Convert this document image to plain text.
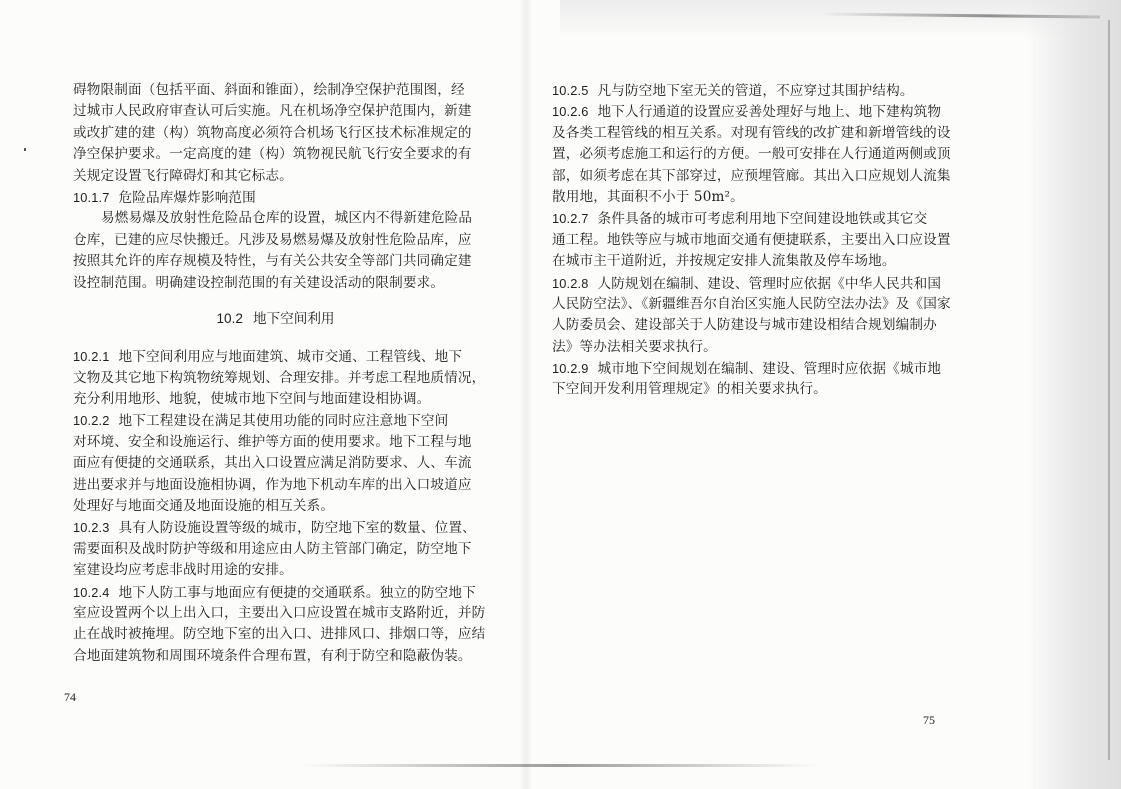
碍物限制面（包括平面、斜面和锥面），绘制净空保护范围图，经
过城市人民政府审查认可后实施。凡在机场净空保护范围内，新建
或改扩建的建（构）筑物高度必须符合机场飞行区技术标准规定的
净空保护要求。一定高度的建（构）筑物视民航飞行安全要求的有
关规定设置飞行障碍灯和其它标志。
10.1.7 危险品库爆炸影响范围
易燃易爆及放射性危险品仓库的设置，城区内不得新建危险品
仓库，已建的应尽快搬迁。凡涉及易燃易爆及放射性危险品库，应
按照其允许的库存规模及特性，与有关公共安全等部门共同确定建
设控制范围。明确建设控制范围的有关建设活动的限制要求。
10.2 地下空间利用
10.2.1 地下空间利用应与地面建筑、城市交通、工程管线、地下
文物及其它地下构筑物统筹规划、合理安排。并考虑工程地质情况，
充分利用地形、地貌，使城市地下空间与地面建设相协调。
10.2.2 地下工程建设在满足其使用功能的同时应注意地下空间
对环境、安全和设施运行、维护等方面的使用要求。地下工程与地
面应有便捷的交通联系，其出入口设置应满足消防要求、人、车流
进出要求并与地面设施相协调，作为地下机动车库的出入口坡道应
处理好与地面交通及地面设施的相互关系。
10.2.3 具有人防设施设置等级的城市，防空地下室的数量、位置、
需要面积及战时防护等级和用途应由人防主管部门确定，防空地下
室建设均应考虑非战时用途的安排。
10.2.4 地下人防工事与地面应有便捷的交通联系。独立的防空地下
室应设置两个以上出入口，主要出入口应设置在城市支路附近，并防
止在战时被掩埋。防空地下室的出入口、进排风口、排烟口等，应结
合地面建筑物和周围环境条件合理布置，有利于防空和隐蔽伪装。
74
10.2.5 凡与防空地下室无关的管道，不应穿过其围护结构。
10.2.6 地下人行通道的设置应妥善处理好与地上、地下建构筑物
及各类工程管线的相互关系。对现有管线的改扩建和新增管线的设
置，必须考虑施工和运行的方便。一般可安排在人行通道两侧或顶
部，如须考虑在其下部穿过，应预埋管廊。其出入口应规划人流集
散用地，其面积不小于 50m²。
10.2.7 条件具备的城市可考虑利用地下空间建设地铁或其它交
通工程。地铁等应与城市地面交通有便捷联系，主要出入口应设置
在城市主干道附近，并按规定安排人流集散及停车场地。
10.2.8 人防规划在编制、建设、管理时应依据《中华人民共和国
人民防空法》、《新疆维吾尔自治区实施人民防空法办法》及《国家
人防委员会、建设部关于人防建设与城市建设相结合规划编制办
法》等办法相关要求执行。
10.2.9 城市地下空间规划在编制、建设、管理时应依据《城市地
下空间开发利用管理规定》的相关要求执行。
75
